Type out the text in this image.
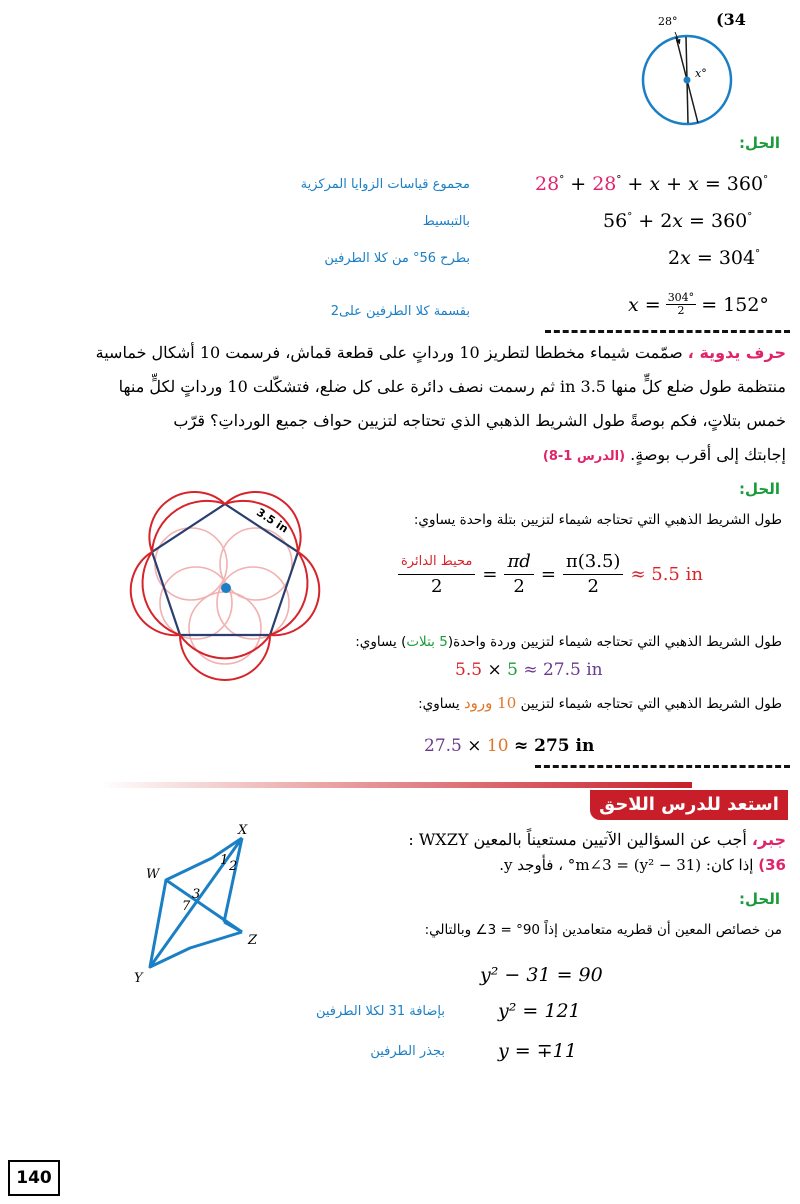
(34
28°
x°
الحل:
28° + 28° + x + x = 360°
مجموع قياسات الزوايا المركزية
56° + 2x = 360°
بالتبسيط
2x = 304°
بطرح 56° من كلا الطرفين
$x = \frac{304^\circ}{2} = 152^\circ$
بقسمة كلا الطرفين على2
حرف يدوية ، صمّمت شيماء مخططا لتطريز 10 ورداتٍ على قطعة قماش، فرسمت 10 أشكال خماسية
منتظمة طول ضلع كلٍّ منها 3.5 in ثم رسمت نصف دائرة على كل ضلع، فتشكّلت 10 ورداتٍ لكلٍّ منها
خمس بتلاتٍ، فكم بوصةً طول الشريط الذهبي الذي تحتاجه لتزيين حواف جميع الورداتِ؟ قرّب
إجابتك إلى أقرب بوصةٍ. (الدرس 1-8)
3.5 in
الحل:
طول الشريط الذهبي التي تحتاجه شيماء لتزيين بتلة واحدة يساوي:
محيط الدائرة
2
= $\frac{\pi d}{2} = \frac{\pi(3.5)}{2} \approx 5.5$ in
طول الشريط الذهبي التي تحتاجه شيماء لتزيين وردة واحدة(5 بتلات) يساوي:
5.5 × 5 ≈ 27.5 in
طول الشريط الذهبي التي تحتاجه شيماء لتزيين 10 ورود يساوي:
27.5 × 10 ≈ 275 in
استعد للدرس اللاحق
X
W
Z
Y
1 2
3
7
جبر، أجب عن السؤالين الآتيين مستعيناً بالمعين WXZY :
36) إذا كان: m∠3 = (y² − 31)° ، فأوجد y.
الحل:
من خصائص المعين أن قطريه متعامدين إذاً 90° = 3∠ وبالتالي:
y² − 31 = 90
y² = 121
بإضافة 31 لكلا الطرفين
y = ∓11
بجذر الطرفين
140
